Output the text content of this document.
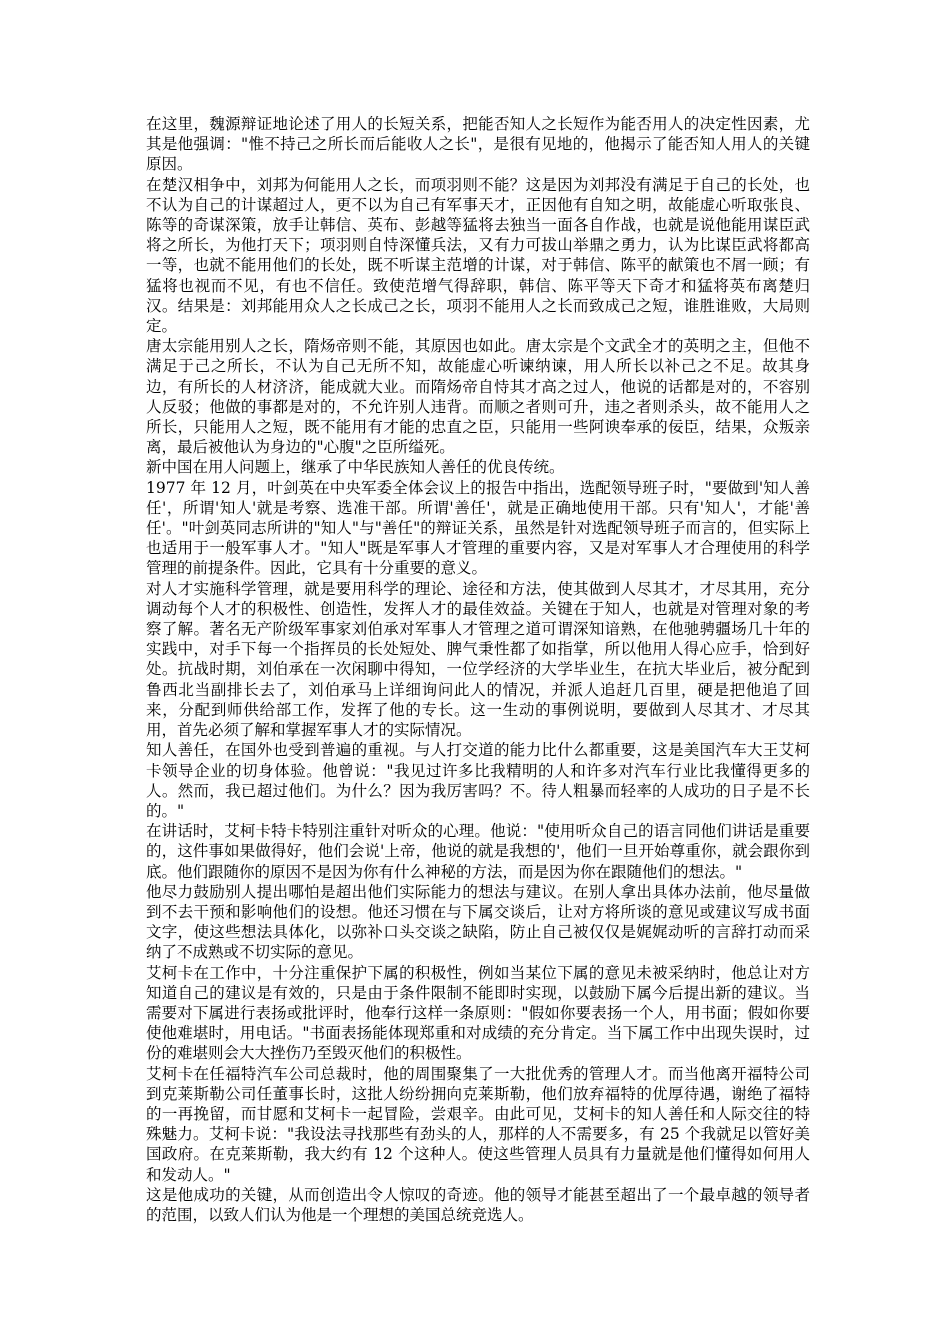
在这里，魏源辩证地论述了用人的长短关系，把能否知人之长短作为能否用人的决定性因素，尤其是他强调："惟不持己之所长而后能收人之长"，是很有见地的，他揭示了能否知人用人的关键原因。

在楚汉相争中，刘邦为何能用人之长，而项羽则不能？这是因为刘邦没有满足于自己的长处，也不认为自己的计谋超过人，更不以为自己有军事天才，正因他有自知之明，故能虚心听取张良、陈等的奇谋深策，放手让韩信、英布、彭越等猛将去独当一面各自作战，也就是说他能用谋臣武将之所长，为他打天下；项羽则自恃深懂兵法，又有力可拔山举鼎之勇力，认为比谋臣武将都高一等，也就不能用他们的长处，既不听谋主范增的计谋，对于韩信、陈平的献策也不屑一顾；有猛将也视而不见，有也不信任。致使范增气得辞职，韩信、陈平等天下奇才和猛将英布离楚归汉。结果是：刘邦能用众人之长成己之长，项羽不能用人之长而致成己之短，谁胜谁败，大局则定。

唐太宗能用别人之长，隋炀帝则不能，其原因也如此。唐太宗是个文武全才的英明之主，但他不满足于己之所长，不认为自己无所不知，故能虚心听谏纳谏，用人所长以补己之不足。故其身边，有所长的人材济济，能成就大业。而隋炀帝自恃其才高之过人，他说的话都是对的，不容别人反驳；他做的事都是对的，不允许别人违背。而顺之者则可升，违之者则杀头，故不能用人之所长，只能用人之短，既不能用有才能的忠直之臣，只能用一些阿谀奉承的佞臣，结果，众叛亲离，最后被他认为身边的"心腹"之臣所缢死。

新中国在用人问题上，继承了中华民族知人善任的优良传统。

1977 年 12 月，叶剑英在中央军委全体会议上的报告中指出，选配领导班子时，"要做到'知人善任'，所谓'知人'就是考察、选准干部。所谓'善任'，就是正确地使用干部。只有'知人'，才能'善任'。"叶剑英同志所讲的"知人"与"善任"的辩证关系，虽然是针对选配领导班子而言的，但实际上也适用于一般军事人才。"知人"既是军事人才管理的重要内容，又是对军事人才合理使用的科学管理的前提条件。因此，它具有十分重要的意义。

对人才实施科学管理，就是要用科学的理论、途径和方法，使其做到人尽其才，才尽其用，充分调动每个人才的积极性、创造性，发挥人才的最佳效益。关键在于知人，也就是对管理对象的考察了解。著名无产阶级军事家刘伯承对军事人才管理之道可谓深知谙熟，在他驰骋疆场几十年的实践中，对手下每一个指挥员的长处短处、脾气秉性都了如指掌，所以他用人得心应手，恰到好处。抗战时期，刘伯承在一次闲聊中得知，一位学经济的大学毕业生，在抗大毕业后，被分配到鲁西北当副排长去了，刘伯承马上详细询问此人的情况，并派人追赶几百里，硬是把他追了回来，分配到师供给部工作，发挥了他的专长。这一生动的事例说明，要做到人尽其才、才尽其用，首先必须了解和掌握军事人才的实际情况。

知人善任，在国外也受到普遍的重视。与人打交道的能力比什么都重要，这是美国汽车大王艾柯卡领导企业的切身体验。他曾说："我见过许多比我精明的人和许多对汽车行业比我懂得更多的人。然而，我已超过他们。为什么？因为我厉害吗？不。待人粗暴而轻率的人成功的日子是不长的。"

在讲话时，艾柯卡特卡特别注重针对听众的心理。他说："使用听众自己的语言同他们讲话是重要的，这件事如果做得好，他们会说'上帝，他说的就是我想的'，他们一旦开始尊重你，就会跟你到底。他们跟随你的原因不是因为你有什么神秘的方法，而是因为你在跟随他们的想法。"

他尽力鼓励别人提出哪怕是超出他们实际能力的想法与建议。在别人拿出具体办法前，他尽量做到不去干预和影响他们的设想。他还习惯在与下属交谈后，让对方将所谈的意见或建议写成书面文字，使这些想法具体化，以弥补口头交谈之缺陷，防止自己被仅仅是娓娓动听的言辞打动而采纳了不成熟或不切实际的意见。

艾柯卡在工作中，十分注重保护下属的积极性，例如当某位下属的意见未被采纳时，他总让对方知道自己的建议是有效的，只是由于条件限制不能即时实现，以鼓励下属今后提出新的建议。当需要对下属进行表扬或批评时，他奉行这样一条原则："假如你要表扬一个人，用书面；假如你要使他难堪时，用电话。"书面表扬能体现郑重和对成绩的充分肯定。当下属工作中出现失误时，过份的难堪则会大大挫伤乃至毁灭他们的积极性。

艾柯卡在任福特汽车公司总裁时，他的周围聚集了一大批优秀的管理人才。而当他离开福特公司到克莱斯勒公司任董事长时，这批人纷纷拥向克莱斯勒，他们放弃福特的优厚待遇，谢绝了福特的一再挽留，而甘愿和艾柯卡一起冒险，尝艰辛。由此可见，艾柯卡的知人善任和人际交往的特殊魅力。艾柯卡说："我设法寻找那些有劲头的人，那样的人不需要多，有 25 个我就足以管好美国政府。在克莱斯勒，我大约有 12 个这种人。使这些管理人员具有力量就是他们懂得如何用人和发动人。"

这是他成功的关键，从而创造出令人惊叹的奇迹。他的领导才能甚至超出了一个最卓越的领导者的范围，以致人们认为他是一个理想的美国总统竞选人。
